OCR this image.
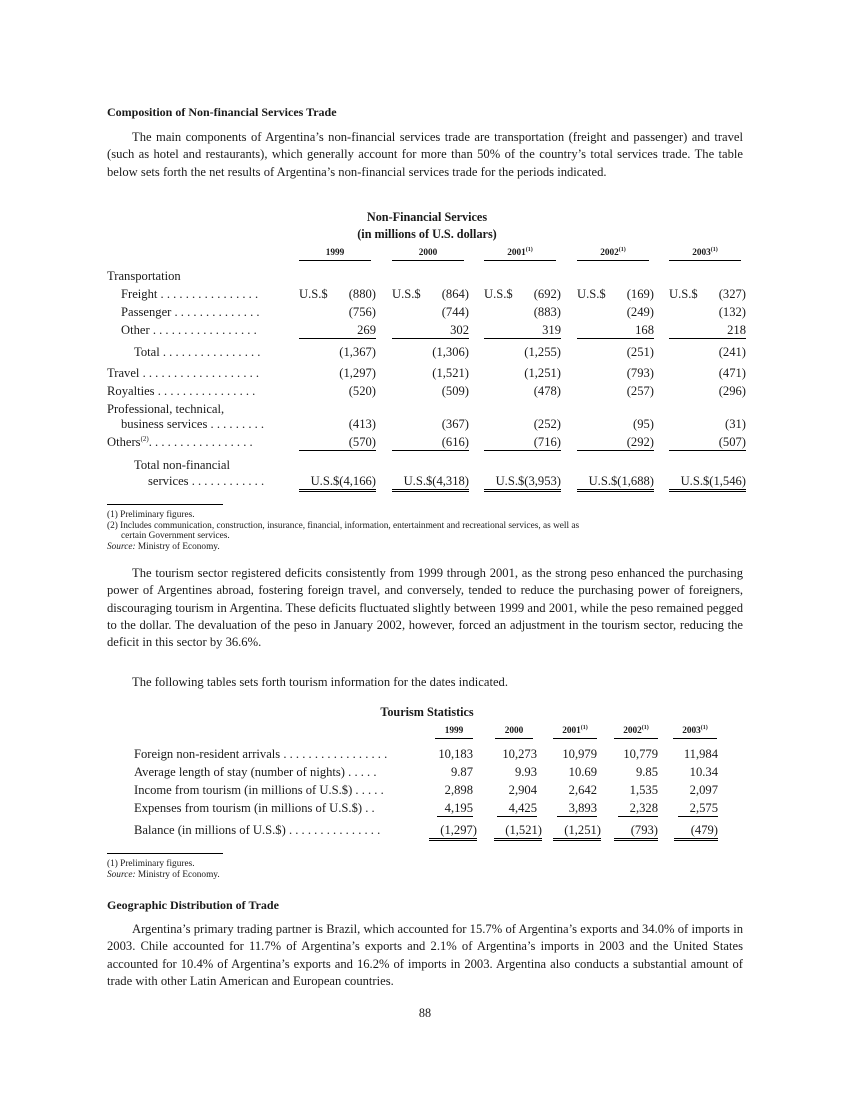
Composition of Non-financial Services Trade

The main components of Argentina’s non-financial services trade are transportation (freight and passenger) and travel (such as hotel and restaurants), which generally account for more than 50% of the country’s total services trade. The table below sets forth the net results of Argentina’s non-financial services trade for the periods indicated.

Non-Financial Services
(in millions of U.S. dollars)
1999	2000	2001$^{(1)}$	2002$^{(1)}$	2003$^{(1)}$
Transportation
Freight . . . . . . . . . . . . . . . .	U.S.$ (880) U.S.$ (864) U.S.$ (692) U.S.$ (169) U.S.$ (327)
Passenger . . . . . . . . . . . . . .	(756)	(744)	(883)	(249)	(132)
Other . . . . . . . . . . . . . . . . .	269	302	319	168	218
Total . . . . . . . . . . . . . . . .	(1,367)	(1,306)	(1,255)	(251)	(241)
Travel . . . . . . . . . . . . . . . . . . .	(1,297)	(1,521)	(1,251)	(793)	(471)
Royalties . . . . . . . . . . . . . . . .	(520)	(509)	(478)	(257)	(296)
Professional, technical,
business services . . . . . . . . .	(413)	(367)	(252)	(95)	(31)
Others$^{(2)}$. . . . . . . . . . . . . . . . .	(570)	(616)	(716)	(292)	(507)
Total non-financial
services . . . . . . . . . . . .	U.S.$(4,166)	U.S.$(4,318)	U.S.$(3,953)	U.S.$(1,688)	U.S.$(1,546)
(1) Preliminary figures.
(2) Includes communication, construction, insurance, financial, information, entertainment and recreational services, as well as
certain Government services.
Source: Ministry of Economy.

The tourism sector registered deficits consistently from 1999 through 2001, as the strong peso enhanced the purchasing power of Argentines abroad, fostering foreign travel, and conversely, tended to reduce the purchasing power of foreigners, discouraging tourism in Argentina. These deficits fluctuated slightly between 1999 and 2001, while the peso remained pegged to the dollar. The devaluation of the peso in January 2002, however, forced an adjustment in the tourism sector, reducing the deficit in this sector by 36.6%.

The following tables sets forth tourism information for the dates indicated.

Tourism Statistics
1999	2000	2001$^{(1)}$	2002$^{(1)}$	2003$^{(1)}$
Foreign non-resident arrivals . . . . . . . . . . . . . . . . .	10,183	10,273	10,979	10,779	11,984
Average length of stay (number of nights) . . . . .	9.87	9.93	10.69	9.85	10.34
Income from tourism (in millions of U.S.$) . . . . .	2,898	2,904	2,642	1,535	2,097
Expenses from tourism (in millions of U.S.$) . .	4,195	4,425	3,893	2,328	2,575
Balance (in millions of U.S.$) . . . . . . . . . . . . . . .	(1,297)	(1,521)	(1,251)	(793)	(479)
(1) Preliminary figures.
Source: Ministry of Economy.
Geographic Distribution of Trade

Argentina’s primary trading partner is Brazil, which accounted for 15.7% of Argentina’s exports and 34.0% of imports in 2003. Chile accounted for 11.7% of Argentina’s exports and 2.1% of Argentina’s imports in 2003 and the United States accounted for 10.4% of Argentina’s exports and 16.2% of imports in 2003. Argentina also conducts a substantial amount of trade with other Latin American and European countries.

88
